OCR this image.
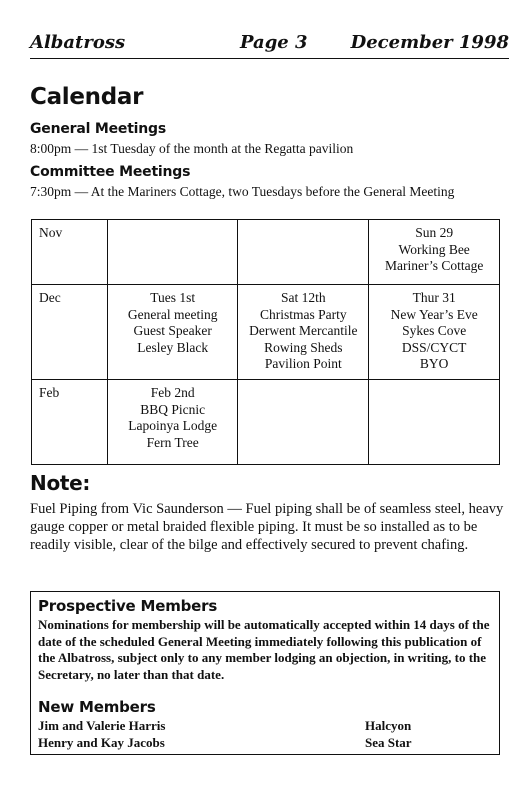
Albatross	Page 3 December 1998
Calendar
General Meetings
8:00pm — 1st Tuesday of the month at the Regatta pavilion
Committee Meetings
7:30pm — At the Mariners Cottage, two Tuesdays before the General Meeting
Nov			Sun 29
Working Bee
Mariner’s Cottage

Dec	Tues 1st
General meeting
Guest Speaker
Lesley Black	Sat 12th
Christmas Party
Derwent Mercantile
Rowing Sheds
Pavilion Point	Thur 31
New Year’s Eve
Sykes Cove
DSS/CYCT
BYO

Feb	Feb 2nd
BBQ Picnic
Lapoinya Lodge
Fern Tree		

Note:
Fuel Piping from Vic Saunderson — Fuel piping shall be of seamless steel, heavy gauge copper or metal braided flexible piping. It must be so installed as to be readily visible, clear of the bilge and effectively secured to prevent chafing.
Prospective Members
Nominations for membership will be automatically accepted within 14 days of the date of the scheduled General Meeting immediately following this publication of the Albatross, subject only to any member lodging an objection, in writing, to the Secretary, no later than that date.
New Members
Jim and Valerie Harris	Halcyon
Henry and Kay Jacobs	Sea Star
